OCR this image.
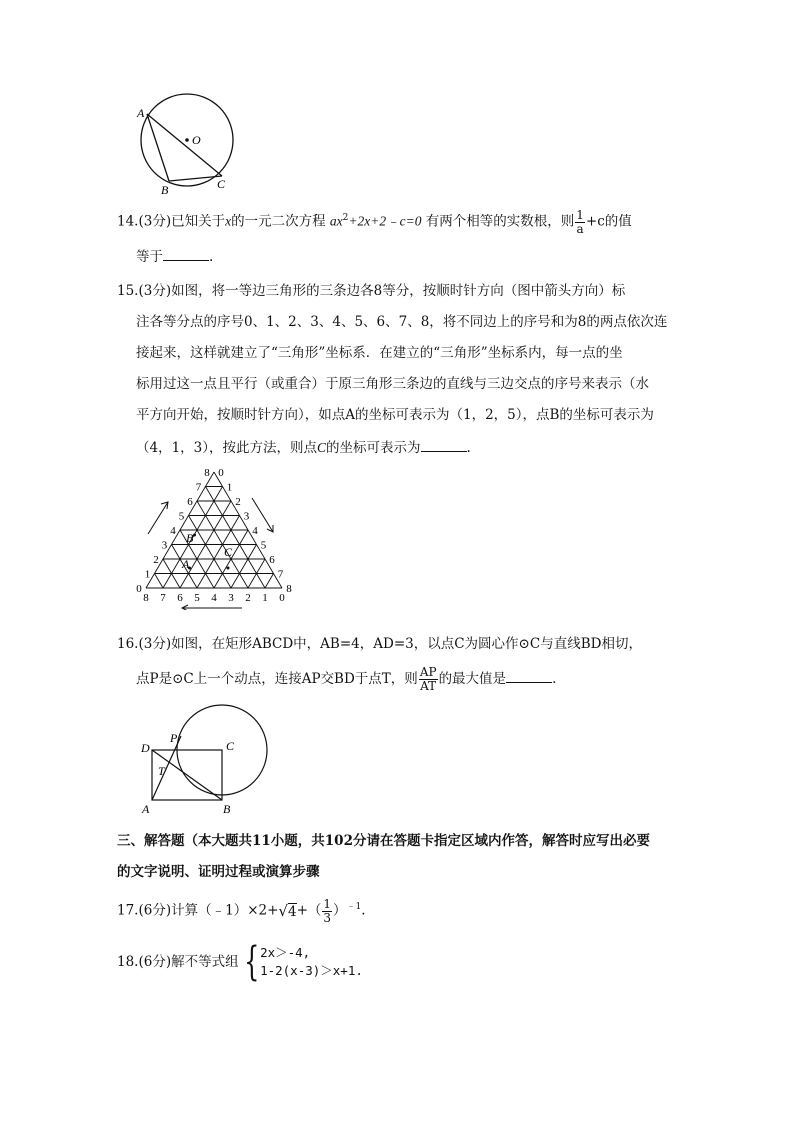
A
O
B	C
14.(3分)已知关于x的一元二次方程 $ax^2+2x+2﹣c=0$ 有两个相等的实数根，则 $\frac{1}{a} +c$的值
等于	.
15.(3分)如图，将一等边三角形的三条边各8等分，按顺时针方向（图中箭头方向）标
注各等分点的序号0、1、2、3、4、5、6、7、8，将不同边上的序号和为8的两点依次连
接起来，这样就建立了“三角形”坐标系．在建立的“三角形”坐标系内，每一点的坐
标用过这一点且平行（或重合）于原三角形三条边的直线与三边交点的序号来表示（水
平方向开始，按顺时针方向），如点A的坐标可表示为（1，2，5），点B的坐标可表示为
（4，1，3），按此方法，则点C的坐标可表示为	.
0
1
2
3
4
5
6
7
8 0
1
2
3
4
5
6
7
8
8 7 6 5 4 3 2 1 0
A
B
C
16.(3分)如图，在矩形ABCD中，AB=4，AD=3，以点C为圆心作⊙C与直线BD相切，
点P是⊙C上一个动点，连接AP交BD于点T，则 $\frac{AP}{AT}$ 的最大值是	.
P
D	C
T
A	B
三、解答题（本大题共11小题，共102分请在答题卡指定区域内作答，解答时应写出必要
的文字说明、证明过程或演算步骤
17.(6分)计算（﹣1）×2+√4+（ $\frac{1}{3} )^{﹣1}$.
18.(6分)解不等式组 { 2x＞-4,
1-2(x-3)＞x+1.
